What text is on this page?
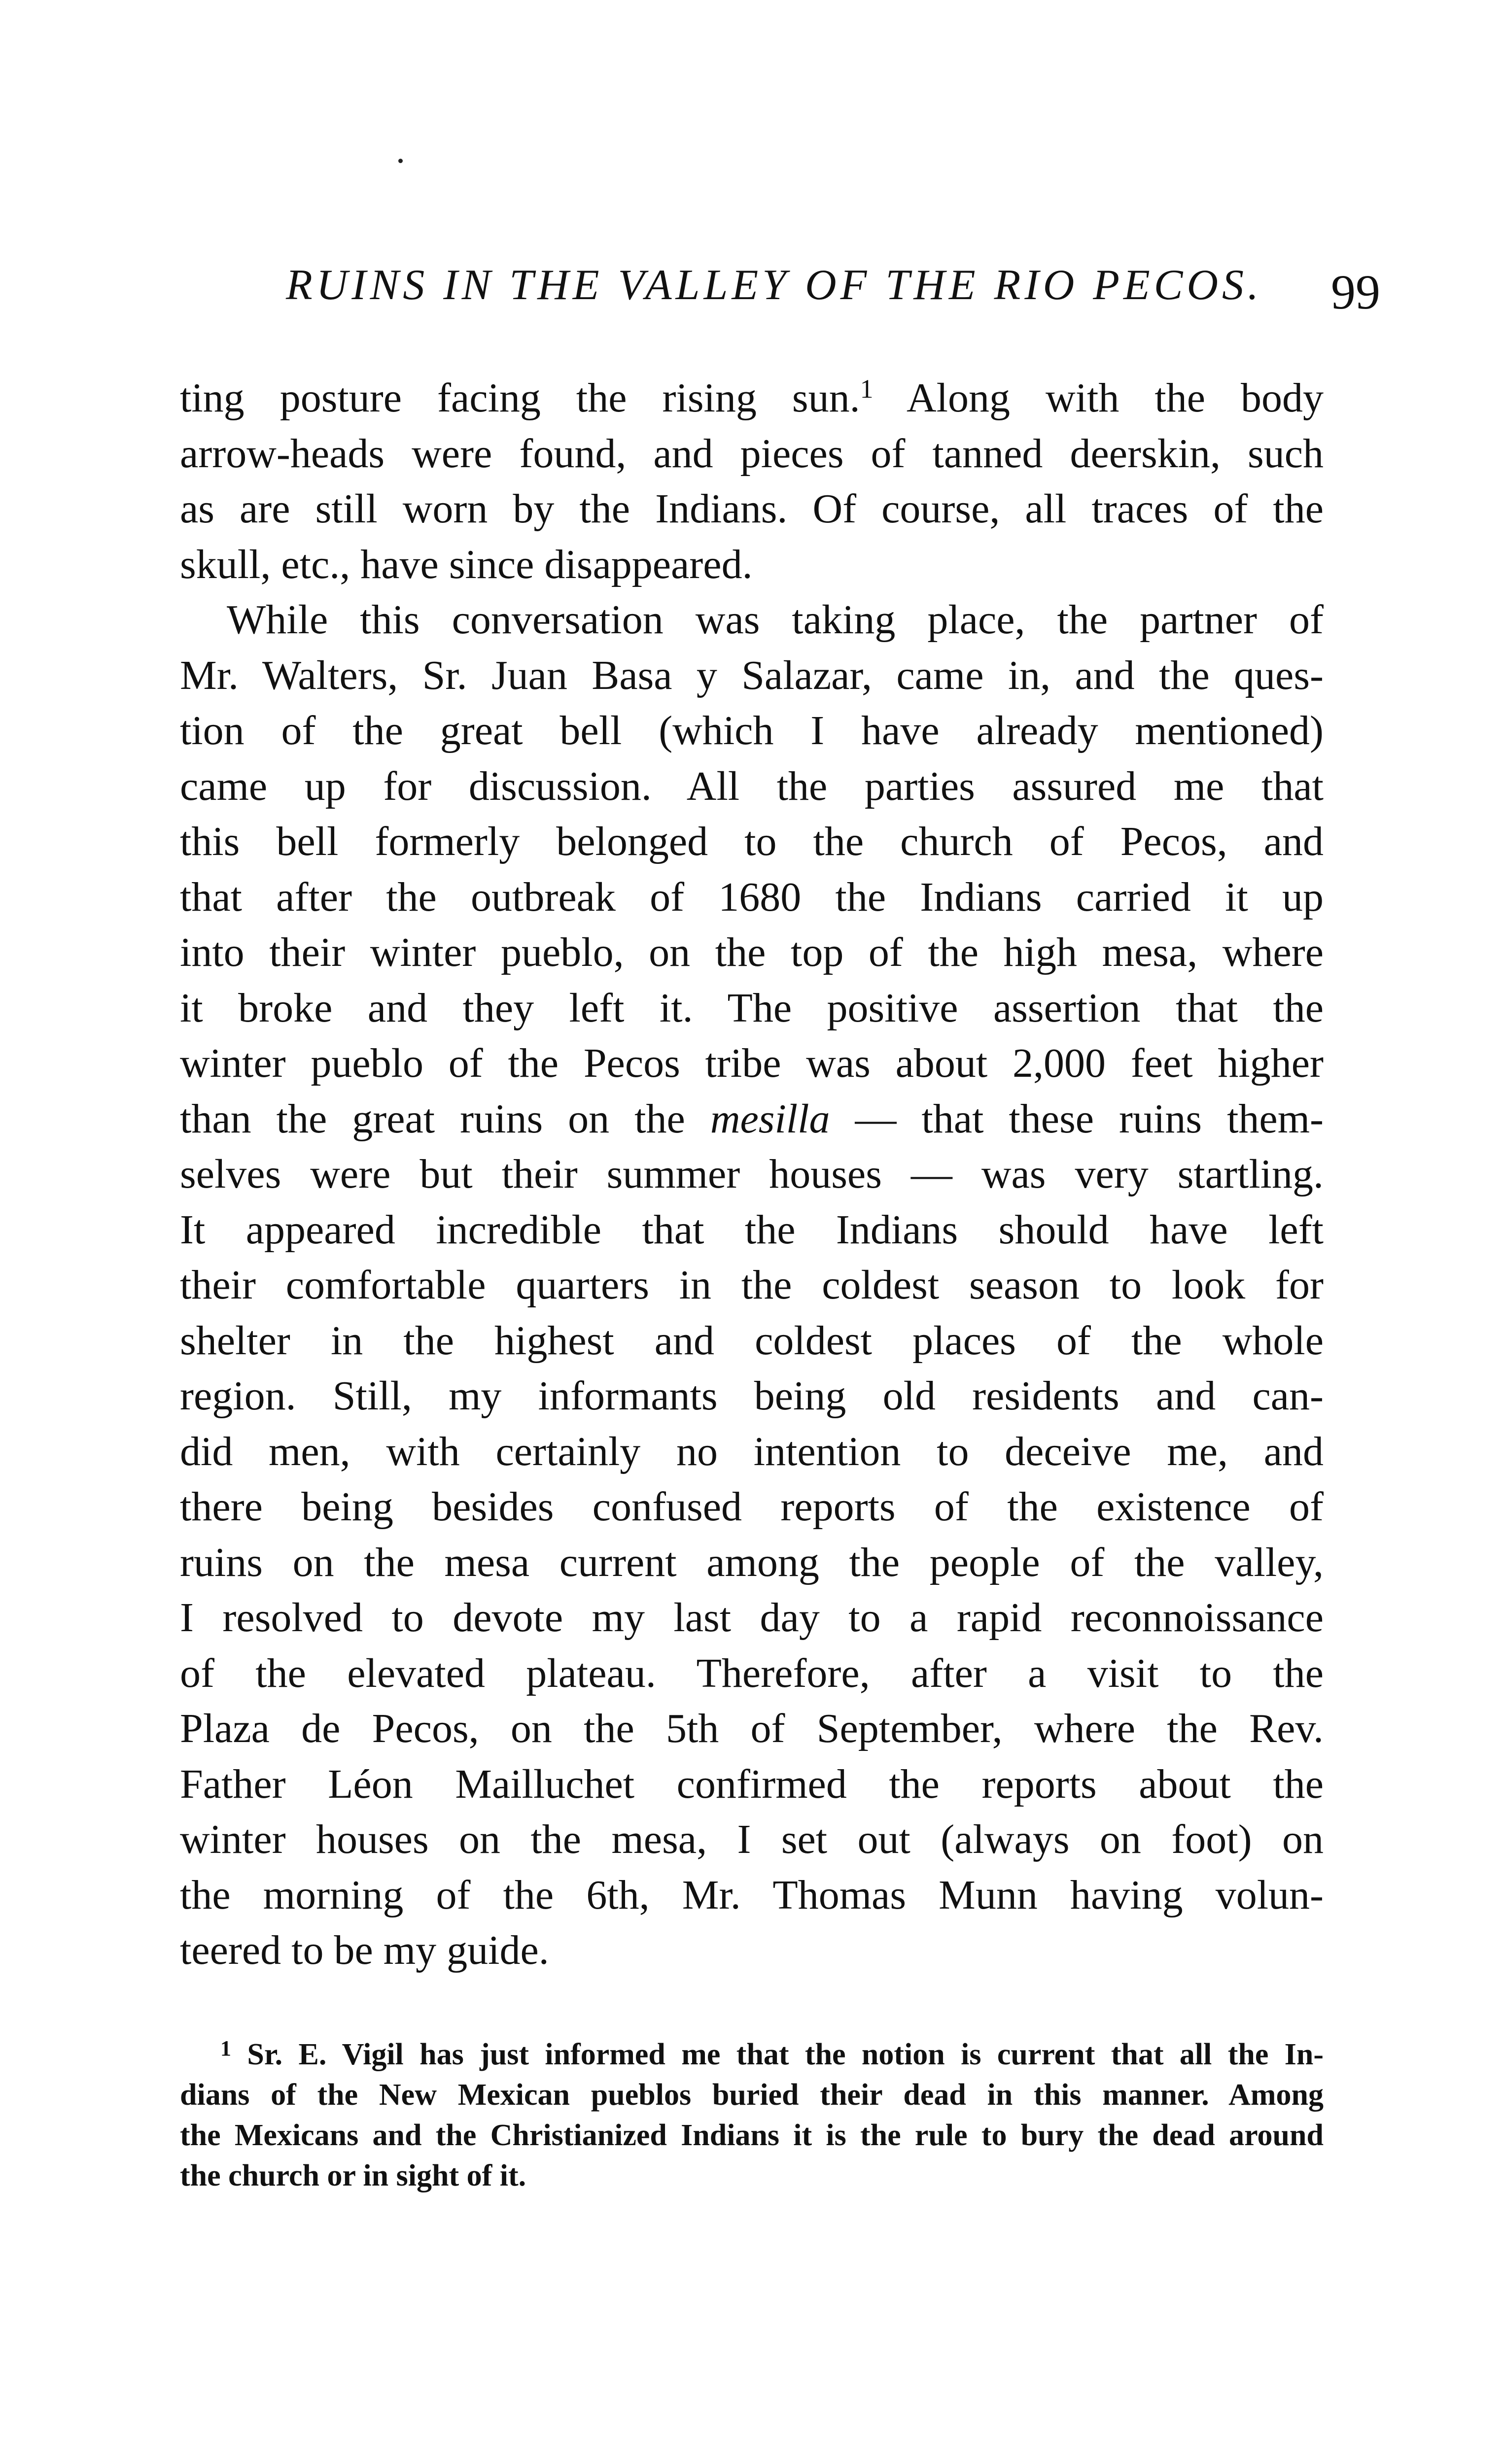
RUINS IN THE VALLEY OF THE RIO PECOS.	99
ting posture facing the rising sun.$^1$ Along with the body
arrow-heads were found, and pieces of tanned deerskin, such
as are still worn by the Indians. Of course, all traces of the
skull, etc., have since disappeared.
While this conversation was taking place, the partner of
Mr. Walters, Sr. Juan Basa y Salazar, came in, and the ques-
tion of the great bell (which I have already mentioned)
came up for discussion. All the parties assured me that
this bell formerly belonged to the church of Pecos, and
that after the outbreak of 1680 the Indians carried it up
into their winter pueblo, on the top of the high mesa, where
it broke and they left it. The positive assertion that the
winter pueblo of the Pecos tribe was about 2,000 feet higher
than the great ruins on the mesilla — that these ruins them-
selves were but their summer houses — was very startling.
It appeared incredible that the Indians should have left
their comfortable quarters in the coldest season to look for
shelter in the highest and coldest places of the whole
region. Still, my informants being old residents and can-
did men, with certainly no intention to deceive me, and
there being besides confused reports of the existence of
ruins on the mesa current among the people of the valley,
I resolved to devote my last day to a rapid reconnoissance
of the elevated plateau. Therefore, after a visit to the
Plaza de Pecos, on the 5th of September, where the Rev.
Father Léon Mailluchet confirmed the reports about the
winter houses on the mesa, I set out (always on foot) on
the morning of the 6th, Mr. Thomas Munn having volun-
teered to be my guide.
$^1$ Sr. E. Vigil has just informed me that the notion is current that all the In-
dians of the New Mexican pueblos buried their dead in this manner. Among
the Mexicans and the Christianized Indians it is the rule to bury the dead around
the church or in sight of it.
